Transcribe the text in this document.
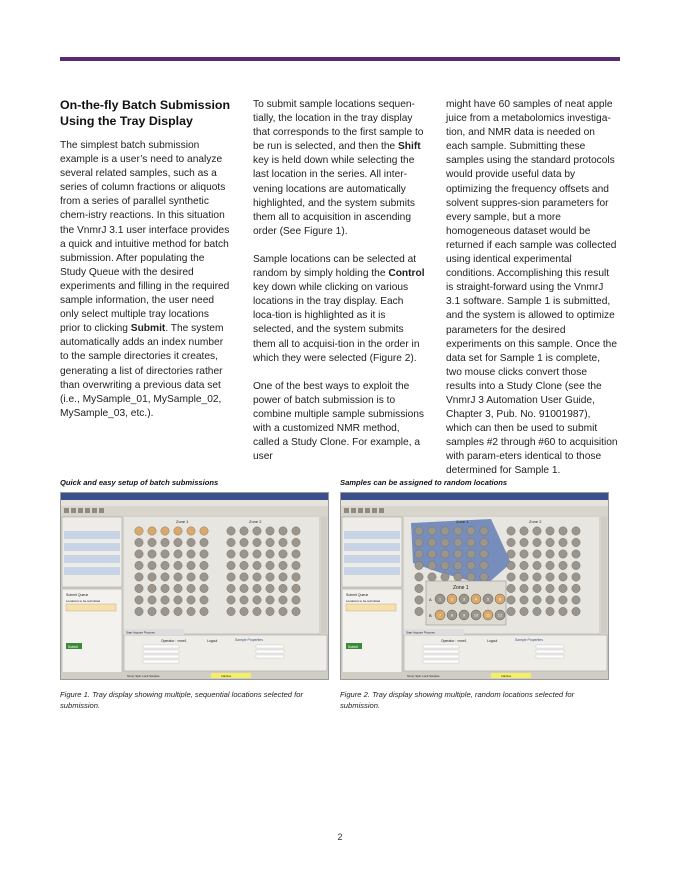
On-the-fly Batch Submission Using the Tray Display

The simplest batch submission example is a user’s need to analyze several related samples, such as a series of column fractions or aliquots from a series of parallel synthetic chem-istry reactions. In this situation the VnmrJ 3.1 user interface provides a quick and intuitive method for batch submission. After populating the Study Queue with the desired experiments and filling in the required sample information, the user need only select multiple tray locations prior to clicking Submit. The system automatically adds an index number to the sample directories it creates, generating a list of directories rather than overwriting a previous data set (i.e., MySample_01, MySample_02, MySample_03, etc.).

To submit sample locations sequen-tially, the location in the tray display that corresponds to the first sample to be run is selected, and then the Shift key is held down while selecting the last location in the series. All inter-vening locations are automatically highlighted, and the system submits them all to acquisition in ascending order (See Figure 1).

Sample locations can be selected at random by simply holding the Control key down while clicking on various locations in the tray display. Each loca-tion is highlighted as it is selected, and the system submits them all to acquisi-tion in the order in which they were selected (Figure 2).

One of the best ways to exploit the power of batch submission is to combine multiple sample submissions with a customized NMR method, called a Study Clone. For example, a user

might have 60 samples of neat apple juice from a metabolomics investiga-tion, and NMR data is needed on each sample. Submitting these samples using the standard protocols would provide useful data by optimizing the frequency offsets and solvent suppres-sion parameters for every sample, but a more homogeneous dataset would be returned if each sample was collected using identical experimental conditions. Accomplishing this result is straight-forward using the VnmrJ 3.1 software. Sample 1 is submitted, and the system is allowed to optimize parameters for the desired experiments on this sample. Once the data set for Sample 1 is complete, two mouse clicks convert those results into a Study Clone (see the VnmrJ 3 Automation User Guide, Chapter 3, Pub. No. 91001987), which can then be used to submit samples #2 through #60 to acquisition with param-eters identical to those determined for Sample 1.

Quick and easy setup of batch submissions
Submit Queue
Locations to be submitted
Submit
Zone 1	Zone 2
Start Acquire Process
Operator : vnmr1	Logout	Sample Properties
Temp Spin Lock Sample	Inactive
Figure 1. Tray display showing multiple, sequential locations selected for submission.
Samples can be assigned to random locations
Submit Queue
Locations to be submitted
Submit
Zone 1	Zone 2
Zone 1
A
B
1 2 3 4 5 6
7 8 9 10 11 12
Start Acquire Process
Operator : vnmr1	Logout	Sample Properties
Temp Spin Lock Sample	Inactive
Figure 2. Tray display showing multiple, random locations selected for submission.
2
